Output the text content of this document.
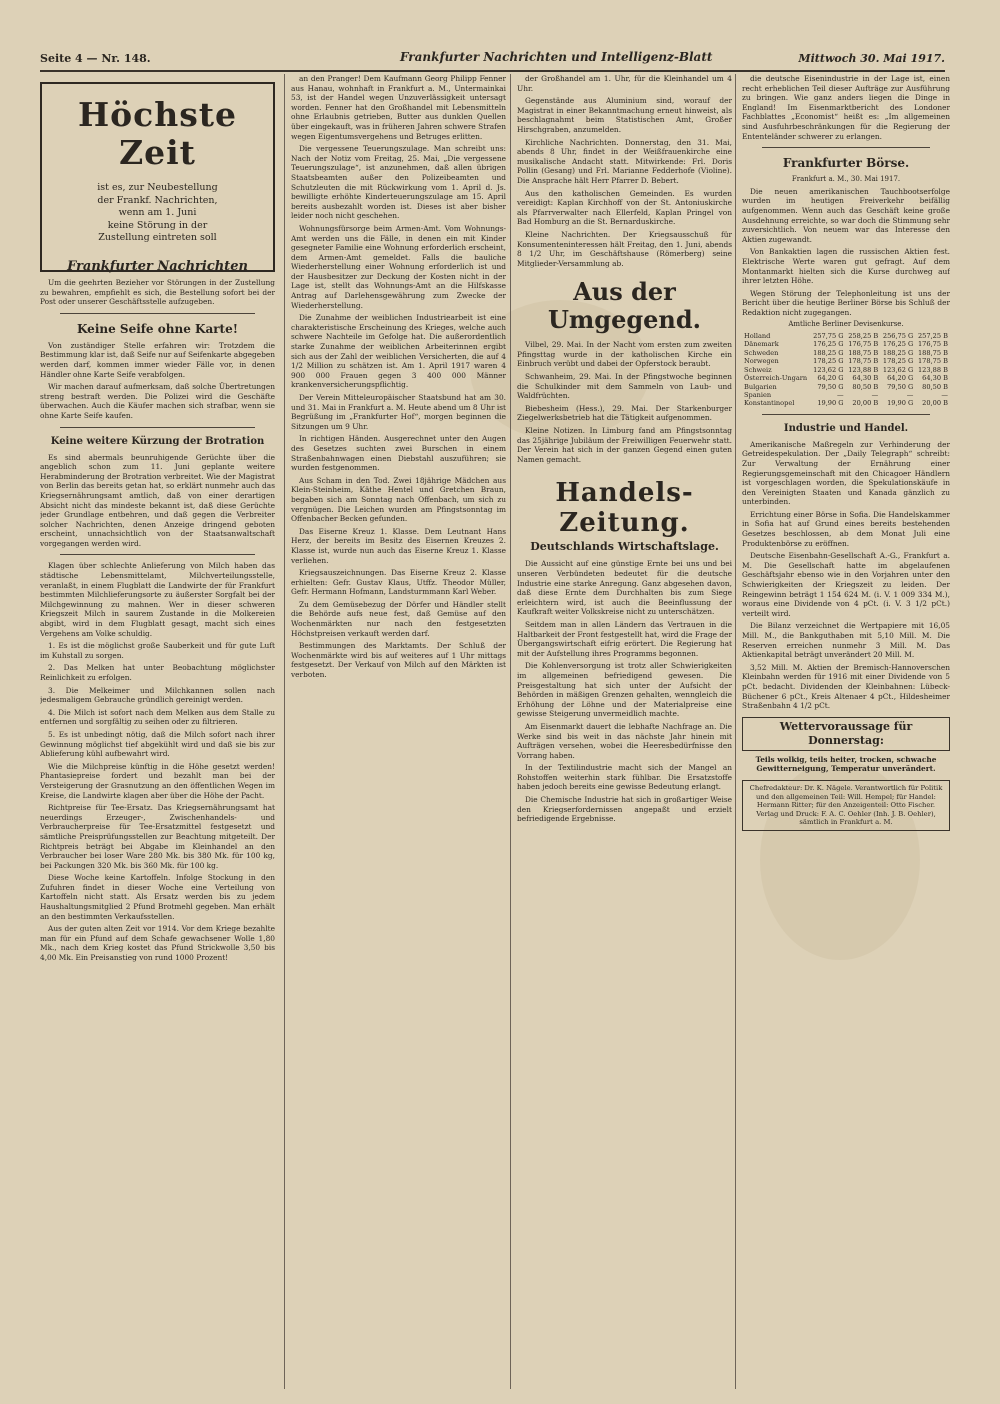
Seite 4 — Nr. 148.	Frankfurter Nachrichten und Intelligenz-Blatt	Mittwoch 30. Mai 1917.
Höchste Zeit
ist es, zur Neubestellung
der Frankf. Nachrichten,
wenn am 1. Juni
keine Störung in der
Zustellung eintreten soll
Frankfurter Nachrichten

Um die geehrten Bezieher vor Störungen in der Zustellung zu bewahren, empfiehlt es sich, die Bestellung sofort bei der Post oder unserer Geschäftsstelle aufzugeben.

Keine Seife ohne Karte!

Von zuständiger Stelle erfahren wir: Trotzdem die Bestimmung klar ist, daß Seife nur auf Seifenkarte abgegeben werden darf, kommen immer wieder Fälle vor, in denen Händler ohne Karte Seife verabfolgen.

Wir machen darauf aufmerksam, daß solche Übertretungen streng bestraft werden. Die Polizei wird die Geschäfte überwachen. Auch die Käufer machen sich strafbar, wenn sie ohne Karte Seife kaufen.

Keine weitere Kürzung der Brotration

Es sind abermals beunruhigende Gerüchte über die angeblich schon zum 11. Juni geplante weitere Herabminderung der Brotration verbreitet. Wie der Magistrat von Berlin das bereits getan hat, so erklärt nunmehr auch das Kriegsernährungsamt amtlich, daß von einer derartigen Absicht nicht das mindeste bekannt ist, daß diese Gerüchte jeder Grundlage entbehren, und daß gegen die Verbreiter solcher Nachrichten, denen Anzeige dringend geboten erscheint, unnachsichtlich von der Staatsanwaltschaft vorgegangen werden wird.

Klagen über schlechte Anlieferung von Milch haben das städtische Lebensmittelamt, Milchverteilungsstelle, veranlaßt, in einem Flugblatt die Landwirte der für Frankfurt bestimmten Milchlieferungsorte zu äußerster Sorgfalt bei der Milchgewinnung zu mahnen. Wer in dieser schweren Kriegszeit Milch in saurem Zustande in die Molkereien abgibt, wird in dem Flugblatt gesagt, macht sich eines Vergehens am Volke schuldig.

1. Es ist die möglichst große Sauberkeit und für gute Luft im Kuhstall zu sorgen.

2. Das Melken hat unter Beobachtung möglichster Reinlichkeit zu erfolgen.

3. Die Melkeimer und Milchkannen sollen nach jedesmaligem Gebrauche gründlich gereinigt werden.

4. Die Milch ist sofort nach dem Melken aus dem Stalle zu entfernen und sorgfältig zu seihen oder zu filtrieren.

5. Es ist unbedingt nötig, daß die Milch sofort nach ihrer Gewinnung möglichst tief abgekühlt wird und daß sie bis zur Ablieferung kühl aufbewahrt wird.

Wie die Milchpreise künftig in die Höhe gesetzt werden! Phantasiepreise fordert und bezahlt man bei der Versteigerung der Grasnutzung an den öffentlichen Wegen im Kreise, die Landwirte klagen aber über die Höhe der Pacht.

Richtpreise für Tee-Ersatz. Das Kriegsernährungsamt hat neuerdings Erzeuger-, Zwischenhandels- und Verbraucherpreise für Tee-Ersatzmittel festgesetzt und sämtliche Preisprüfungsstellen zur Beachtung mitgeteilt. Der Richtpreis beträgt bei Abgabe im Kleinhandel an den Verbraucher bei loser Ware 280 Mk. bis 380 Mk. für 100 kg, bei Packungen 320 Mk. bis 360 Mk. für 100 kg.

Diese Woche keine Kartoffeln. Infolge Stockung in den Zufuhren findet in dieser Woche eine Verteilung von Kartoffeln nicht statt. Als Ersatz werden bis zu jedem Haushaltungsmitglied 2 Pfund Brotmehl gegeben. Man erhält an den bestimmten Verkaufsstellen.

Aus der guten alten Zeit vor 1914. Vor dem Kriege bezahlte man für ein Pfund auf dem Schafe gewachsener Wolle 1,80 Mk., nach dem Krieg kostet das Pfund Strickwolle 3,50 bis 4,00 Mk. Ein Preisanstieg von rund 1000 Prozent!

an den Pranger! Dem Kaufmann Georg Philipp Fenner aus Hanau, wohnhaft in Frankfurt a. M., Untermainkai 53, ist der Handel wegen Unzuverlässigkeit untersagt worden. Fenner hat den Großhandel mit Lebensmitteln ohne Erlaubnis getrieben, Butter aus dunklen Quellen über eingekauft, was in früheren Jahren schwere Strafen wegen Eigentumsvergehens und Betruges erlitten.

Die vergessene Teuerungszulage. Man schreibt uns: Nach der Notiz vom Freitag, 25. Mai, „Die vergessene Teuerungszulage“, ist anzunehmen, daß allen übrigen Staatsbeamten außer den Polizeibeamten und Schutzleuten die mit Rückwirkung vom 1. April d. Js. bewilligte erhöhte Kinderteuerungszulage am 15. April bereits ausbezahlt worden ist. Dieses ist aber bisher leider noch nicht geschehen.

Wohnungsfürsorge beim Armen-Amt. Vom Wohnungs-Amt werden uns die Fälle, in denen ein mit Kinder gesegneter Familie eine Wohnung erforderlich erscheint, dem Armen-Amt gemeldet. Falls die bauliche Wiederherstellung einer Wohnung erforderlich ist und der Hausbesitzer zur Deckung der Kosten nicht in der Lage ist, stellt das Wohnungs-Amt an die Hilfskasse Antrag auf Darlehensgewährung zum Zwecke der Wiederherstellung.

Die Zunahme der weiblichen Industriearbeit ist eine charakteristische Erscheinung des Krieges, welche auch schwere Nachteile im Gefolge hat. Die außerordentlich starke Zunahme der weiblichen Arbeiterinnen ergibt sich aus der Zahl der weiblichen Versicherten, die auf 4 1/2 Million zu schätzen ist. Am 1. April 1917 waren 4 900 000 Frauen gegen 3 400 000 Männer krankenversicherungspflichtig.

Der Verein Mitteleuropäischer Staatsbund hat am 30. und 31. Mai in Frankfurt a. M. Heute abend um 8 Uhr ist Begrüßung im „Frankfurter Hof“, morgen beginnen die Sitzungen um 9 Uhr.

In richtigen Händen. Ausgerechnet unter den Augen des Gesetzes suchten zwei Burschen in einem Straßenbahnwagen einen Diebstahl auszuführen; sie wurden festgenommen.

Aus Scham in den Tod. Zwei 18jährige Mädchen aus Klein-Steinheim, Käthe Hentel und Gretchen Braun, begaben sich am Sonntag nach Offenbach, um sich zu vergnügen. Die Leichen wurden am Pfingstsonntag im Offenbacher Becken gefunden.

Das Eiserne Kreuz 1. Klasse. Dem Leutnant Hans Herz, der bereits im Besitz des Eisernen Kreuzes 2. Klasse ist, wurde nun auch das Eiserne Kreuz 1. Klasse verliehen.

Kriegsauszeichnungen. Das Eiserne Kreuz 2. Klasse erhielten: Gefr. Gustav Klaus, Utffz. Theodor Müller, Gefr. Hermann Hofmann, Landsturmmann Karl Weber.

Zu dem Gemüsebezug der Dörfer und Händler stellt die Behörde aufs neue fest, daß Gemüse auf den Wochenmärkten nur nach den festgesetzten Höchstpreisen verkauft werden darf.

Bestimmungen des Marktamts. Der Schluß der Wochenmärkte wird bis auf weiteres auf 1 Uhr mittags festgesetzt. Der Verkauf von Milch auf den Märkten ist verboten.

der Großhandel am 1. Uhr, für die Kleinhandel um 4 Uhr.

Gegenstände aus Aluminium sind, worauf der Magistrat in einer Bekanntmachung erneut hinweist, als beschlagnahmt beim Statistischen Amt, Großer Hirschgraben, anzumelden.

Kirchliche Nachrichten. Donnerstag, den 31. Mai, abends 8 Uhr, findet in der Weißfrauenkirche eine musikalische Andacht statt. Mitwirkende: Frl. Doris Pollin (Gesang) und Frl. Marianne Fedderhofe (Violine). Die Ansprache hält Herr Pfarrer D. Bebert.

Aus den katholischen Gemeinden. Es wurden vereidigt: Kaplan Kirchhoff von der St. Antoniuskirche als Pfarrverwalter nach Ellerfeld, Kaplan Pringel von Bad Homburg an die St. Bernarduskirche.

Kleine Nachrichten. Der Kriegsausschuß für Konsumenteninteressen hält Freitag, den 1. Juni, abends 8 1/2 Uhr, im Geschäftshause (Römerberg) seine Mitglieder-Versammlung ab.

Aus der Umgegend.

Vilbel, 29. Mai. In der Nacht vom ersten zum zweiten Pfingsttag wurde in der katholischen Kirche ein Einbruch verübt und dabei der Opferstock beraubt.

Schwanheim, 29. Mai. In der Pfingstwoche beginnen die Schulkinder mit dem Sammeln von Laub- und Waldfrüchten.

Biebesheim (Hess.), 29. Mai. Der Starkenburger Ziegelwerksbetrieb hat die Tätigkeit aufgenommen.

Kleine Notizen. In Limburg fand am Pfingstsonntag das 25jährige Jubiläum der Freiwilligen Feuerwehr statt. Der Verein hat sich in der ganzen Gegend einen guten Namen gemacht.

Handels-Zeitung.
Deutschlands Wirtschaftslage.

Die Aussicht auf eine günstige Ernte bei uns und bei unseren Verbündeten bedeutet für die deutsche Industrie eine starke Anregung. Ganz abgesehen davon, daß diese Ernte dem Durchhalten bis zum Siege erleichtern wird, ist auch die Beeinflussung der Kaufkraft weiter Volkskreise nicht zu unterschätzen.

Seitdem man in allen Ländern das Vertrauen in die Haltbarkeit der Front festgestellt hat, wird die Frage der Übergangswirtschaft eifrig erörtert. Die Regierung hat mit der Aufstellung ihres Programms begonnen.

Die Kohlenversorgung ist trotz aller Schwierigkeiten im allgemeinen befriedigend gewesen. Die Preisgestaltung hat sich unter der Aufsicht der Behörden in mäßigen Grenzen gehalten, wenngleich die Erhöhung der Löhne und der Materialpreise eine gewisse Steigerung unvermeidlich machte.

Am Eisenmarkt dauert die lebhafte Nachfrage an. Die Werke sind bis weit in das nächste Jahr hinein mit Aufträgen versehen, wobei die Heeresbedürfnisse den Vorrang haben.

In der Textilindustrie macht sich der Mangel an Rohstoffen weiterhin stark fühlbar. Die Ersatzstoffe haben jedoch bereits eine gewisse Bedeutung erlangt.

Die Chemische Industrie hat sich in großartiger Weise den Kriegserfordernissen angepaßt und erzielt befriedigende Ergebnisse.

die deutsche Eisenindustrie in der Lage ist, einen recht erheblichen Teil dieser Aufträge zur Ausführung zu bringen. Wie ganz anders liegen die Dinge in England! Im Eisenmarktbericht des Londoner Fachblattes „Economist“ heißt es: „Im allgemeinen sind Ausfuhrbeschränkungen für die Regierung der Ententeländer schwerer zu erlangen.

Frankfurter Börse.
Frankfurt a. M., 30. Mai 1917.

Die neuen amerikanischen Tauchbootserfolge wurden im heutigen Freiverkehr beifällig aufgenommen. Wenn auch das Geschäft keine große Ausdehnung erreichte, so war doch die Stimmung sehr zuversichtlich. Von neuem war das Interesse den Aktien zugewandt.

Von Bankaktien lagen die russischen Aktien fest. Elektrische Werte waren gut gefragt. Auf dem Montanmarkt hielten sich die Kurse durchweg auf ihrer letzten Höhe.

Wegen Störung der Telephonleitung ist uns der Bericht über die heutige Berliner Börse bis Schluß der Redaktion nicht zugegangen.

Amtliche Berliner Devisenkurse.
Holland	257,75 G	258,25 B	256,75 G	257,25 B
Dänemark	176,25 G	176,75 B	176,25 G	176,75 B
Schweden	188,25 G	188,75 B	188,25 G	188,75 B
Norwegen	178,25 G	178,75 B	178,25 G	178,75 B
Schweiz	123,62 G	123,88 B	123,62 G	123,88 B
Österreich-Ungarn	64,20 G	64,30 B	64,20 G	64,30 B
Bulgarien	79,50 G	80,50 B	79,50 G	80,50 B
Spanien	—	—	—	—
Konstantinopel	19,90 G	20,00 B	19,90 G	20,00 B
Industrie und Handel.

Amerikanische Maßregeln zur Verhinderung der Getreidespekulation. Der „Daily Telegraph“ schreibt: Zur Verwaltung der Ernährung einer Regierungsgemeinschaft mit den Chicagoer Händlern ist vorgeschlagen worden, die Spekulationskäufe in den Vereinigten Staaten und Kanada gänzlich zu unterbinden.

Errichtung einer Börse in Sofia. Die Handelskammer in Sofia hat auf Grund eines bereits bestehenden Gesetzes beschlossen, ab dem Monat Juli eine Produktenbörse zu eröffnen.

Deutsche Eisenbahn-Gesellschaft A.-G., Frankfurt a. M. Die Gesellschaft hatte im abgelaufenen Geschäftsjahr ebenso wie in den Vorjahren unter den Schwierigkeiten der Kriegszeit zu leiden. Der Reingewinn beträgt 1 154 624 M. (i. V. 1 009 334 M.), woraus eine Dividende von 4 pCt. (i. V. 3 1/2 pCt.) verteilt wird.

Die Bilanz verzeichnet die Wertpapiere mit 16,05 Mill. M., die Bankguthaben mit 5,10 Mill. M. Die Reserven erreichen nunmehr 3 Mill. M. Das Aktienkapital beträgt unverändert 20 Mill. M.

3,52 Mill. M. Aktien der Bremisch-Hannoverschen Kleinbahn werden für 1916 mit einer Dividende von 5 pCt. bedacht. Dividenden der Kleinbahnen: Lübeck-Büchener 6 pCt., Kreis Altenaer 4 pCt., Hildesheimer Straßenbahn 4 1/2 pCt.

Wettervoraussage für Donnerstag:

Teils wolkig, teils heiter, trocken, schwache Gewitterneigung, Temperatur unverändert.

Chefredakteur: Dr. K. Nägele. Verantwortlich für Politik und den allgemeinen Teil: Will. Hempel; für Handel: Hermann Ritter; für den Anzeigenteil: Otto Fischer. Verlag und Druck: F. A. C. Oehler (Inh. J. B. Oehler), sämtlich in Frankfurt a. M.
